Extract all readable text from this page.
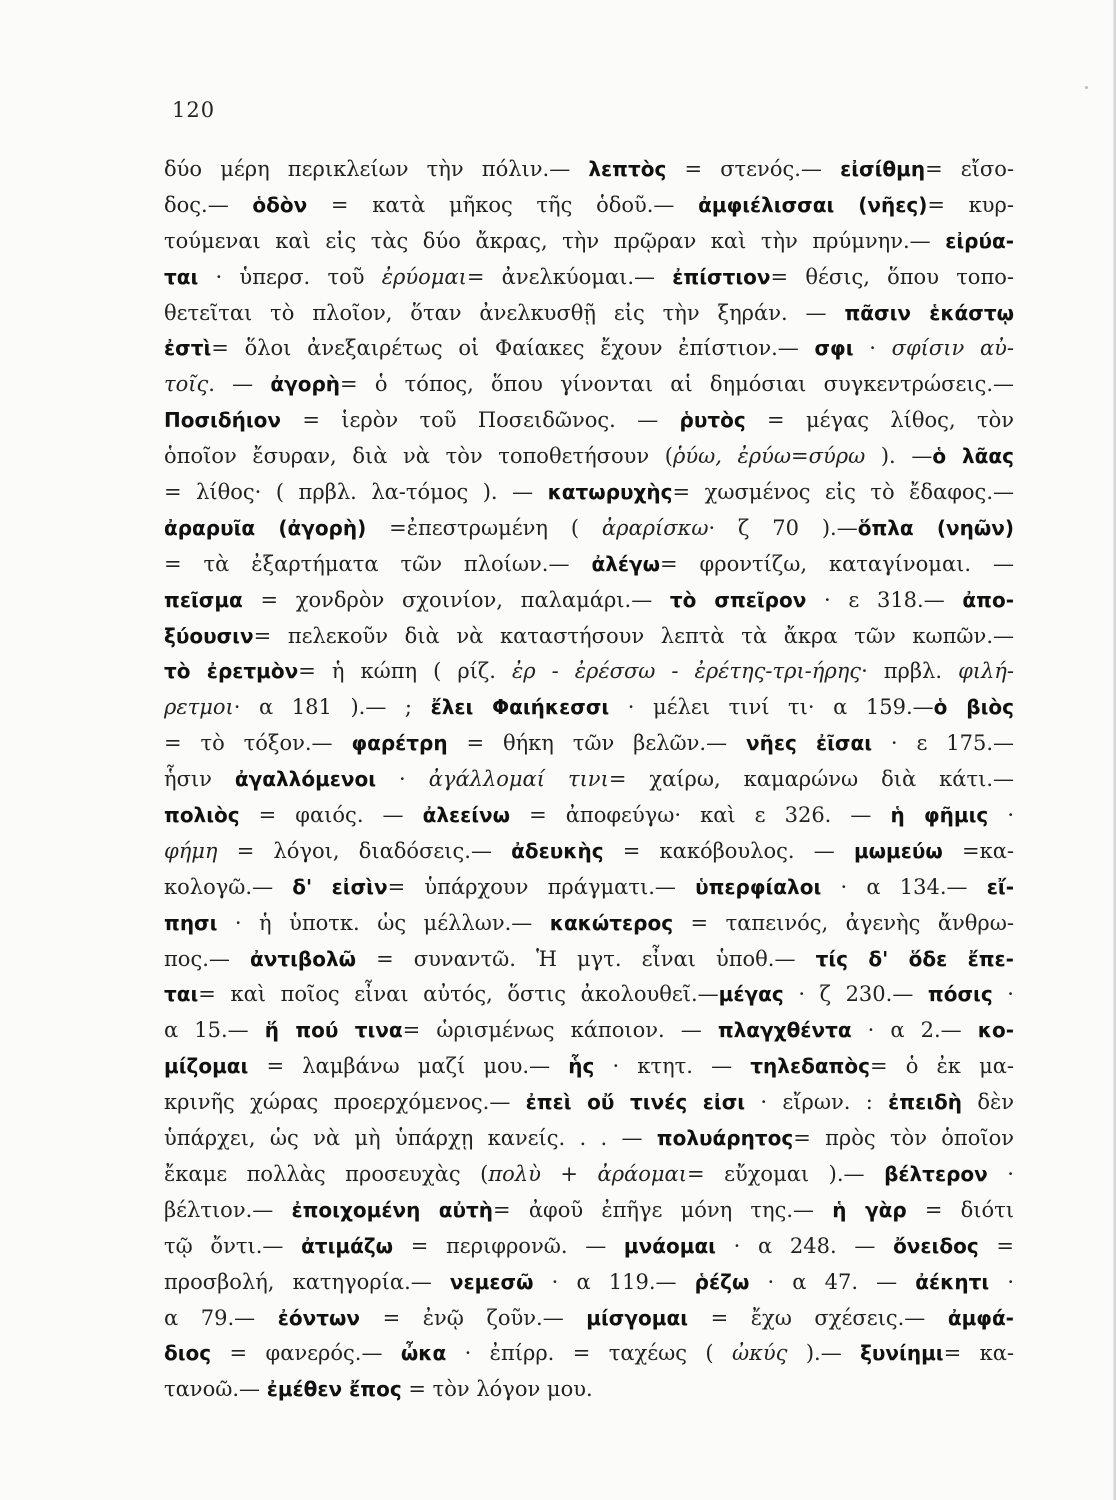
120
δύο μέρη περικλείων τὴν πόλιν.— λεπτὸς = στενός.— εἰσίθμη= εἴσο-
δος.— ὁδὸν = κατὰ μῆκος τῆς ὁδοῦ.— ἀμφιέλισσαι (νῆες)= κυρ-
τούμεναι καὶ εἰς τὰς δύο ἄκρας, τὴν πρῷραν καὶ τὴν πρύμνην.— εἰρύα-
ται · ὑπερσ. τοῦ ἐρύομαι= ἀνελκύομαι.— ἐπίστιον= θέσις, ὅπου τοπο-
θετεῖται τὸ πλοῖον, ὅταν ἀνελκυσθῇ εἰς τὴν ξηράν. — πᾶσιν ἑκάστῳ
ἐστὶ= ὅλοι ἀνεξαιρέτως οἱ Φαίακες ἔχουν ἐπίστιον.— σφι · σφίσιν αὐ-
τοῖς. — ἀγορὴ= ὁ τόπος, ὅπου γίνονται αἱ δημόσιαι συγκεντρώσεις.—
Ποσιδήιον = ἱερὸν τοῦ Ποσειδῶνος. — ῥυτὸς = μέγας λίθος, τὸν
ὁποῖον ἔσυραν, διὰ νὰ τὸν τοποθετήσουν (ῥύω, ἐρύω=σύρω ). —ὁ λᾶας
= λίθος· ( πρβλ. λα-τόμος ). — κατωρυχὴς= χωσμένος εἰς τὸ ἔδαφος.—
ἀραρυῖα (ἀγορὴ) =ἐπεστρωμένη ( ἀραρίσκω· ζ 70 ).—ὅπλα (νηῶν)
= τὰ ἐξαρτήματα τῶν πλοίων.— ἀλέγω= φροντίζω, καταγίνομαι. —
πεῖσμα = χονδρὸν σχοινίον, παλαμάρι.— τὸ σπεῖρον · ε 318.— ἀπο-
ξύουσιν= πελεκοῦν διὰ νὰ καταστήσουν λεπτὰ τὰ ἄκρα τῶν κωπῶν.—
τὸ ἐρετμὸν= ἡ κώπη ( ρίζ. ἐρ - ἐρέσσω - ἐρέτης-τρι-ήρης· πρβλ. φιλή-
ρετμοι· α 181 ).— ; ἔλει Φαιήκεσσι · μέλει τινί τι· α 159.—ὁ βιὸς
= τὸ τόξον.— φαρέτρη = θήκη τῶν βελῶν.— νῆες ἐῖσαι · ε 175.—
ἧσιν ἀγαλλόμενοι · ἀγάλλομαί τινι= χαίρω, καμαρώνω διὰ κάτι.—
πολιὸς = φαιός. — ἀλεείνω = ἀποφεύγω· καὶ ε 326. — ἡ φῆμις ·
φήμη = λόγοι, διαδόσεις.— ἀδευκὴς = κακόβουλος. — μωμεύω =κα-
κολογῶ.— δ' εἰσὶν= ὑπάρχουν πράγματι.— ὑπερφίαλοι · α 134.— εἴ-
πησι · ἡ ὑποτκ. ὡς μέλλων.— κακώτερος = ταπεινός, ἀγενὴς ἄνθρω-
πος.— ἀντιβολῶ = συναντῶ. Ἡ μγτ. εἶναι ὑποθ.— τίς δ' ὅδε ἔπε-
ται= καὶ ποῖος εἶναι αὐτός, ὅστις ἀκολουθεῖ.—μέγας · ζ 230.— πόσις ·
α 15.— ἥ πού τινα= ὡρισμένως κάποιον. — πλαγχθέντα · α 2.— κο-
μίζομαι = λαμβάνω μαζί μου.— ἧς · κτητ. — τηλεδαπὸς= ὁ ἐκ μα-
κρινῆς χώρας προερχόμενος.— ἐπεὶ οὔ τινές εἰσι · εἴρων. : ἐπειδὴ δὲν
ὑπάρχει, ὡς νὰ μὴ ὑπάρχῃ κανείς. . . — πολυάρητος= πρὸς τὸν ὁποῖον
ἔκαμε πολλὰς προσευχὰς (πολὺ + ἀράομαι= εὔχομαι ).— βέλτερον ·
βέλτιον.— ἐποιχομένη αὐτὴ= ἀφοῦ ἐπῆγε μόνη της.— ἡ γὰρ = διότι
τῷ ὄντι.— ἀτιμάζω = περιφρονῶ. — μνάομαι · α 248. — ὄνειδος =
προσβολή, κατηγορία.— νεμεσῶ · α 119.— ῥέζω · α 47. — ἀέκητι ·
α 79.— ἐόντων = ἐνῷ ζοῦν.— μίσγομαι = ἔχω σχέσεις.— ἀμφά-
διος = φανερός.— ὦκα · ἐπίρρ. = ταχέως ( ὠκύς ).— ξυνίημι= κα-
τανοῶ.— ἐμέθεν ἔπος = τὸν λόγον μου.
